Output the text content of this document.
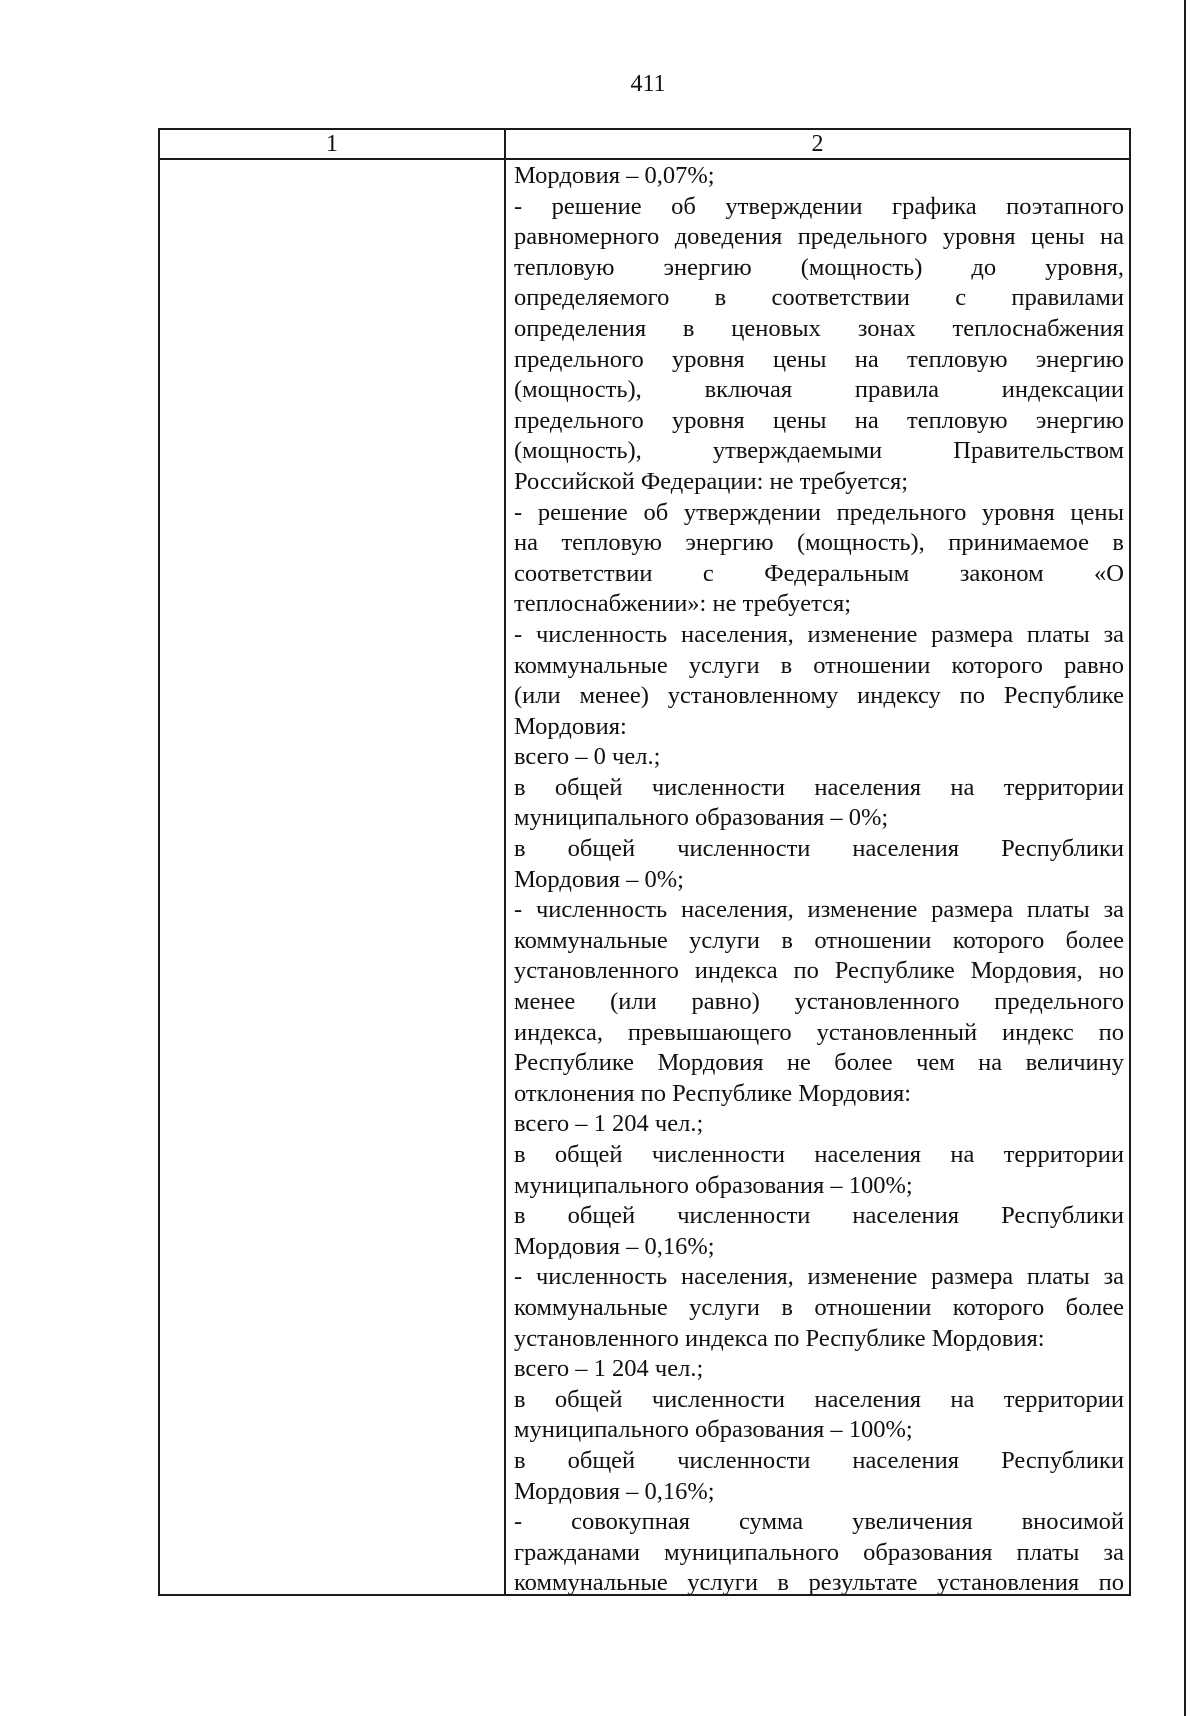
411
1	2
Мордовия – 0,07%;
- решение об утверждении графика поэтапного
равномерного доведения предельного уровня цены на
тепловую энергию (мощность) до уровня,
определяемого в соответствии с правилами
определения в ценовых зонах теплоснабжения
предельного уровня цены на тепловую энергию
(мощность), включая правила индексации
предельного уровня цены на тепловую энергию
(мощность), утверждаемыми Правительством
Российской Федерации: не требуется;
- решение об утверждении предельного уровня цены
на тепловую энергию (мощность), принимаемое в
соответствии с Федеральным законом «О
теплоснабжении»: не требуется;
- численность населения, изменение размера платы за
коммунальные услуги в отношении которого равно
(или менее) установленному индексу по Республике
Мордовия:
всего – 0 чел.;
в общей численности населения на территории
муниципального образования – 0%;
в общей численности населения Республики
Мордовия – 0%;
- численность населения, изменение размера платы за
коммунальные услуги в отношении которого более
установленного индекса по Республике Мордовия, но
менее (или равно) установленного предельного
индекса, превышающего установленный индекс по
Республике Мордовия не более чем на величину
отклонения по Республике Мордовия:
всего – 1 204 чел.;
в общей численности населения на территории
муниципального образования – 100%;
в общей численности населения Республики
Мордовия – 0,16%;
- численность населения, изменение размера платы за
коммунальные услуги в отношении которого более
установленного индекса по Республике Мордовия:
всего – 1 204 чел.;
в общей численности населения на территории
муниципального образования – 100%;
в общей численности населения Республики
Мордовия – 0,16%;
- совокупная сумма увеличения вносимой
гражданами муниципального образования платы за
коммунальные услуги в результате установления по
